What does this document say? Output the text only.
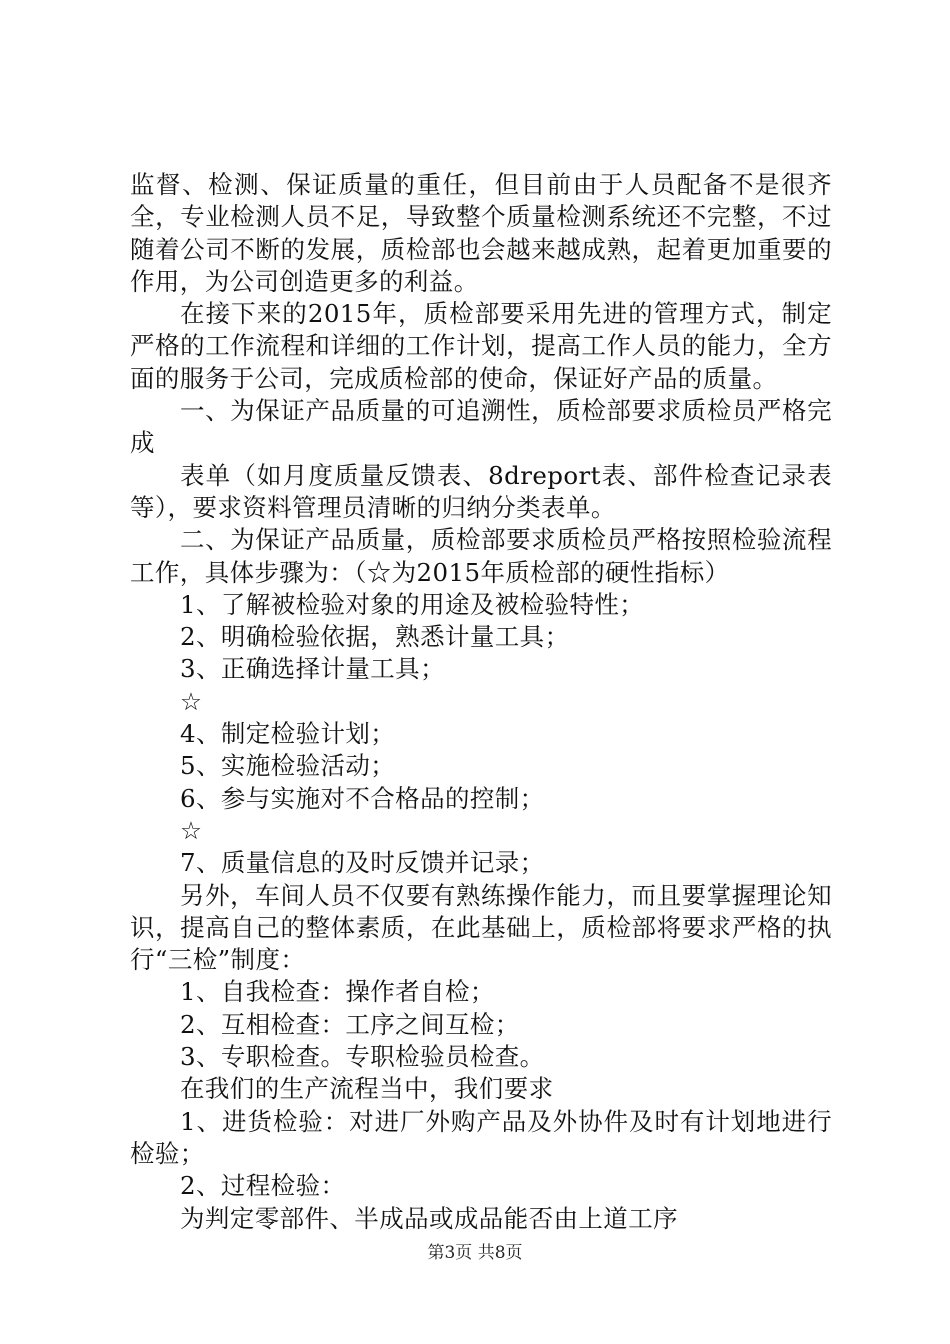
监督、检测、保证质量的重任，但目前由于人员配备不是很齐全，专业检测人员不足，导致整个质量检测系统还不完整，不过随着公司不断的发展，质检部也会越来越成熟，起着更加重要的作用，为公司创造更多的利益。

在接下来的2015年，质检部要采用先进的管理方式，制定严格的工作流程和详细的工作计划，提高工作人员的能力，全方面的服务于公司，完成质检部的使命，保证好产品的质量。

一、为保证产品质量的可追溯性，质检部要求质检员严格完成

表单（如月度质量反馈表、8dreport表、部件检查记录表等），要求资料管理员清晰的归纳分类表单。

二、为保证产品质量，质检部要求质检员严格按照检验流程工作，具体步骤为：（☆为2015年质检部的硬性指标）

1、了解被检验对象的用途及被检验特性；

2、明确检验依据，熟悉计量工具；

3、正确选择计量工具；

☆

4、制定检验计划；

5、实施检验活动；

6、参与实施对不合格品的控制；

☆

7、质量信息的及时反馈并记录；

另外，车间人员不仅要有熟练操作能力，而且要掌握理论知识，提高自己的整体素质，在此基础上，质检部将要求严格的执行“三检”制度：

1、自我检查：操作者自检；

2、互相检查：工序之间互检；

3、专职检查。专职检验员检查。

在我们的生产流程当中，我们要求

1、进货检验：对进厂外购产品及外协件及时有计划地进行检验；

2、过程检验：

为判定零部件、半成品或成品能否由上道工序

第3页 共8页
